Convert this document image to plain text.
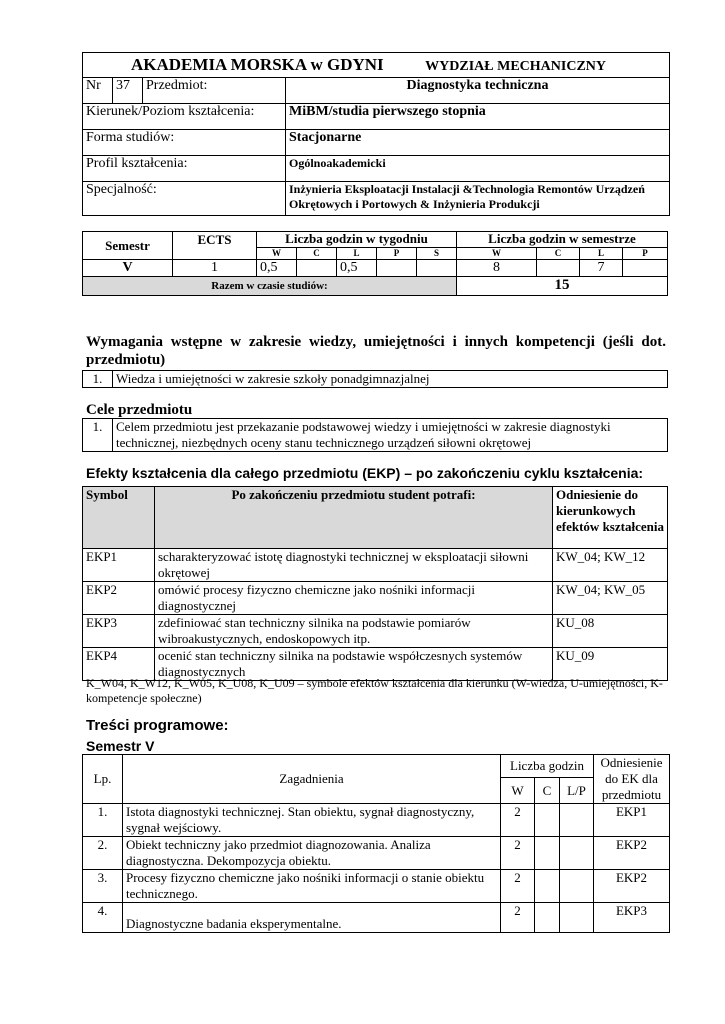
AKADEMIA MORSKA w GDYNI WYDZIAŁ MECHANICZNY			
Nr	37	Przedmiot:	Diagnostyka techniczna
Kierunek/Poziom kształcenia:			MiBM/studia pierwszego stopnia
Forma studiów:			Stacjonarne
Profil kształcenia:			Ogólnoakademicki
Specjalność:			Inżynieria Eksploatacji Instalacji &Technologia Remontów Urządzeń Okrętowych i Portowych & Inżynieria Produkcji
Semestr	ECTS	Liczba godzin w tygodniu					Liczba godzin w semestrze			
		W	C	L	P	S	W	C	L	P
V	1	0,5		0,5			8		7	
Razem w czasie studiów:							15			
Wymagania wstępne w zakresie wiedzy, umiejętności i innych kompetencji (jeśli dot. przedmiotu)
1.	Wiedza i umiejętności w zakresie szkoły ponadgimnazjalnej
Cele przedmiotu
1.	Celem przedmiotu jest przekazanie podstawowej wiedzy i umiejętności w zakresie diagnostyki technicznej, niezbędnych oceny stanu technicznego urządzeń siłowni okrętowej
Efekty kształcenia dla całego przedmiotu (EKP) – po zakończeniu cyklu kształcenia:
Symbol	Po zakończeniu przedmiotu student potrafi:	Odniesienie do kierunkowych efektów kształcenia
EKP1	scharakteryzować istotę diagnostyki technicznej w eksploatacji siłowni okrętowej	KW_04; KW_12
EKP2	omówić procesy fizyczno chemiczne jako nośniki informacji diagnostycznej	KW_04; KW_05
EKP3	zdefiniować stan techniczny silnika na podstawie pomiarów wibroakustycznych, endoskopowych itp.	KU_08
EKP4	ocenić stan techniczny silnika na podstawie współczesnych systemów diagnostycznych	KU_09
K_W04, K_W12, K_W05, K_U08, K_U09 – symbole efektów kształcenia dla kierunku (W-wiedza, U-umiejętności, K-kompetencje społeczne)
Treści programowe:
Semestr V
Lp.	Zagadnienia	Liczba godzin			Odniesienie do EK dla przedmiotu
		W	C	L/P	
1.	Istota diagnostyki technicznej. Stan obiektu, sygnał diagnostyczny, sygnał wejściowy.	2			EKP1
2.	Obiekt techniczny jako przedmiot diagnozowania. Analiza diagnostyczna. Dekompozycja obiektu.	2			EKP2
3.	Procesy fizyczno chemiczne jako nośniki informacji o stanie obiektu technicznego.	2			EKP2
4.	Diagnostyczne badania eksperymentalne.	2			EKP3
